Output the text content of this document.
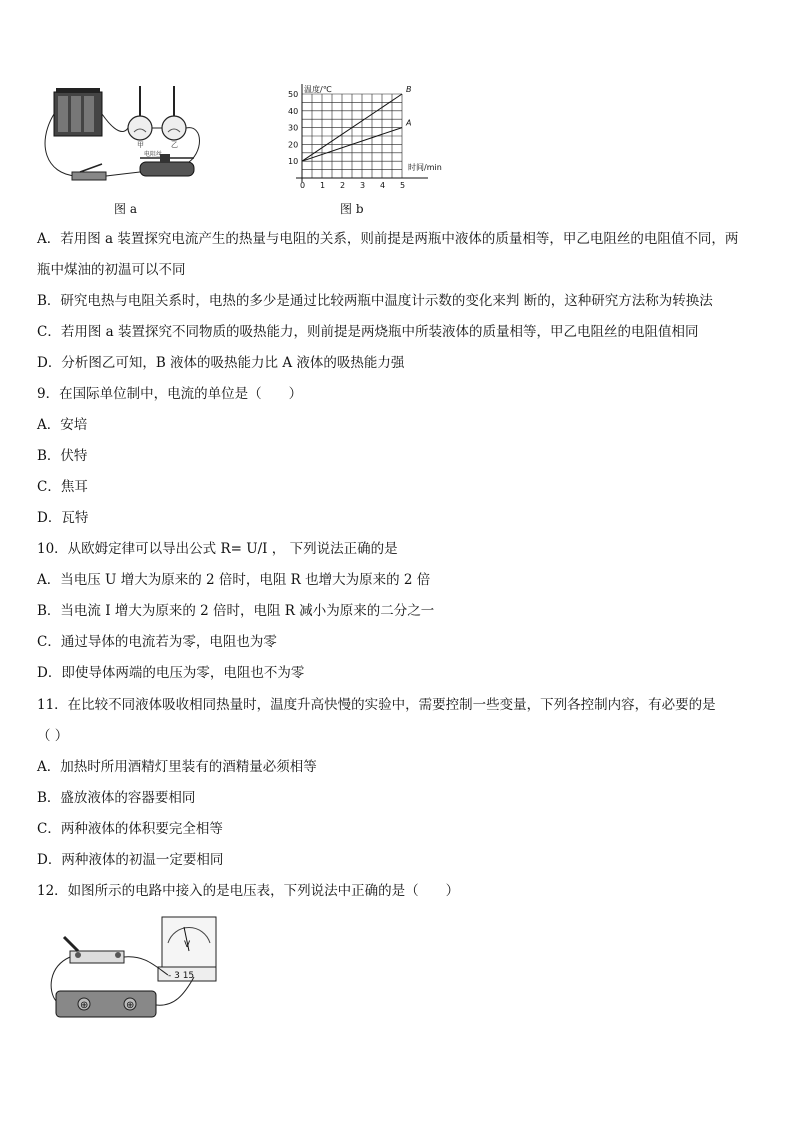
甲	乙
电阻丝
图 a
0 1 2 3 4 5
10
20
30
40
50
温度/℃
时间/min
B
A
图 b
A．若用图 a 装置探究电流产生的热量与电阻的关系，则前提是两瓶中液体的质量相等，甲乙电阻丝的电阻值不同，两
瓶中煤油的初温可以不同
B．研究电热与电阻关系时，电热的多少是通过比较两瓶中温度计示数的变化来判 断的，这种研究方法称为转换法
C．若用图 a 装置探究不同物质的吸热能力，则前提是两烧瓶中所装液体的质量相等，甲乙电阻丝的电阻值相同
D．分析图乙可知，B 液体的吸热能力比 A 液体的吸热能力强
9．在国际单位制中，电流的单位是（　　）
A．安培
B．伏特
C．焦耳
D．瓦特
10．从欧姆定律可以导出公式 R= U/I ， 下列说法正确的是
A．当电压 U 增大为原来的 2 倍时，电阻 R 也增大为原来的 2 倍
B．当电流 I 增大为原来的 2 倍时，电阻 R 减小为原来的二分之一
C．通过导体的电流若为零，电阻也为零
D．即使导体两端的电压为零，电阻也不为零
11．在比较不同液体吸收相同热量时，温度升高快慢的实验中，需要控制一些变量，下列各控制内容，有必要的是
（ ）
A．加热时所用酒精灯里装有的酒精量必须相等
B．盛放液体的容器要相同
C．两种液体的体积要完全相等
D．两种液体的初温一定要相同
12．如图所示的电路中接入的是电压表，下列说法中正确的是（　　）
V
- 3 15
⊕	⊕
